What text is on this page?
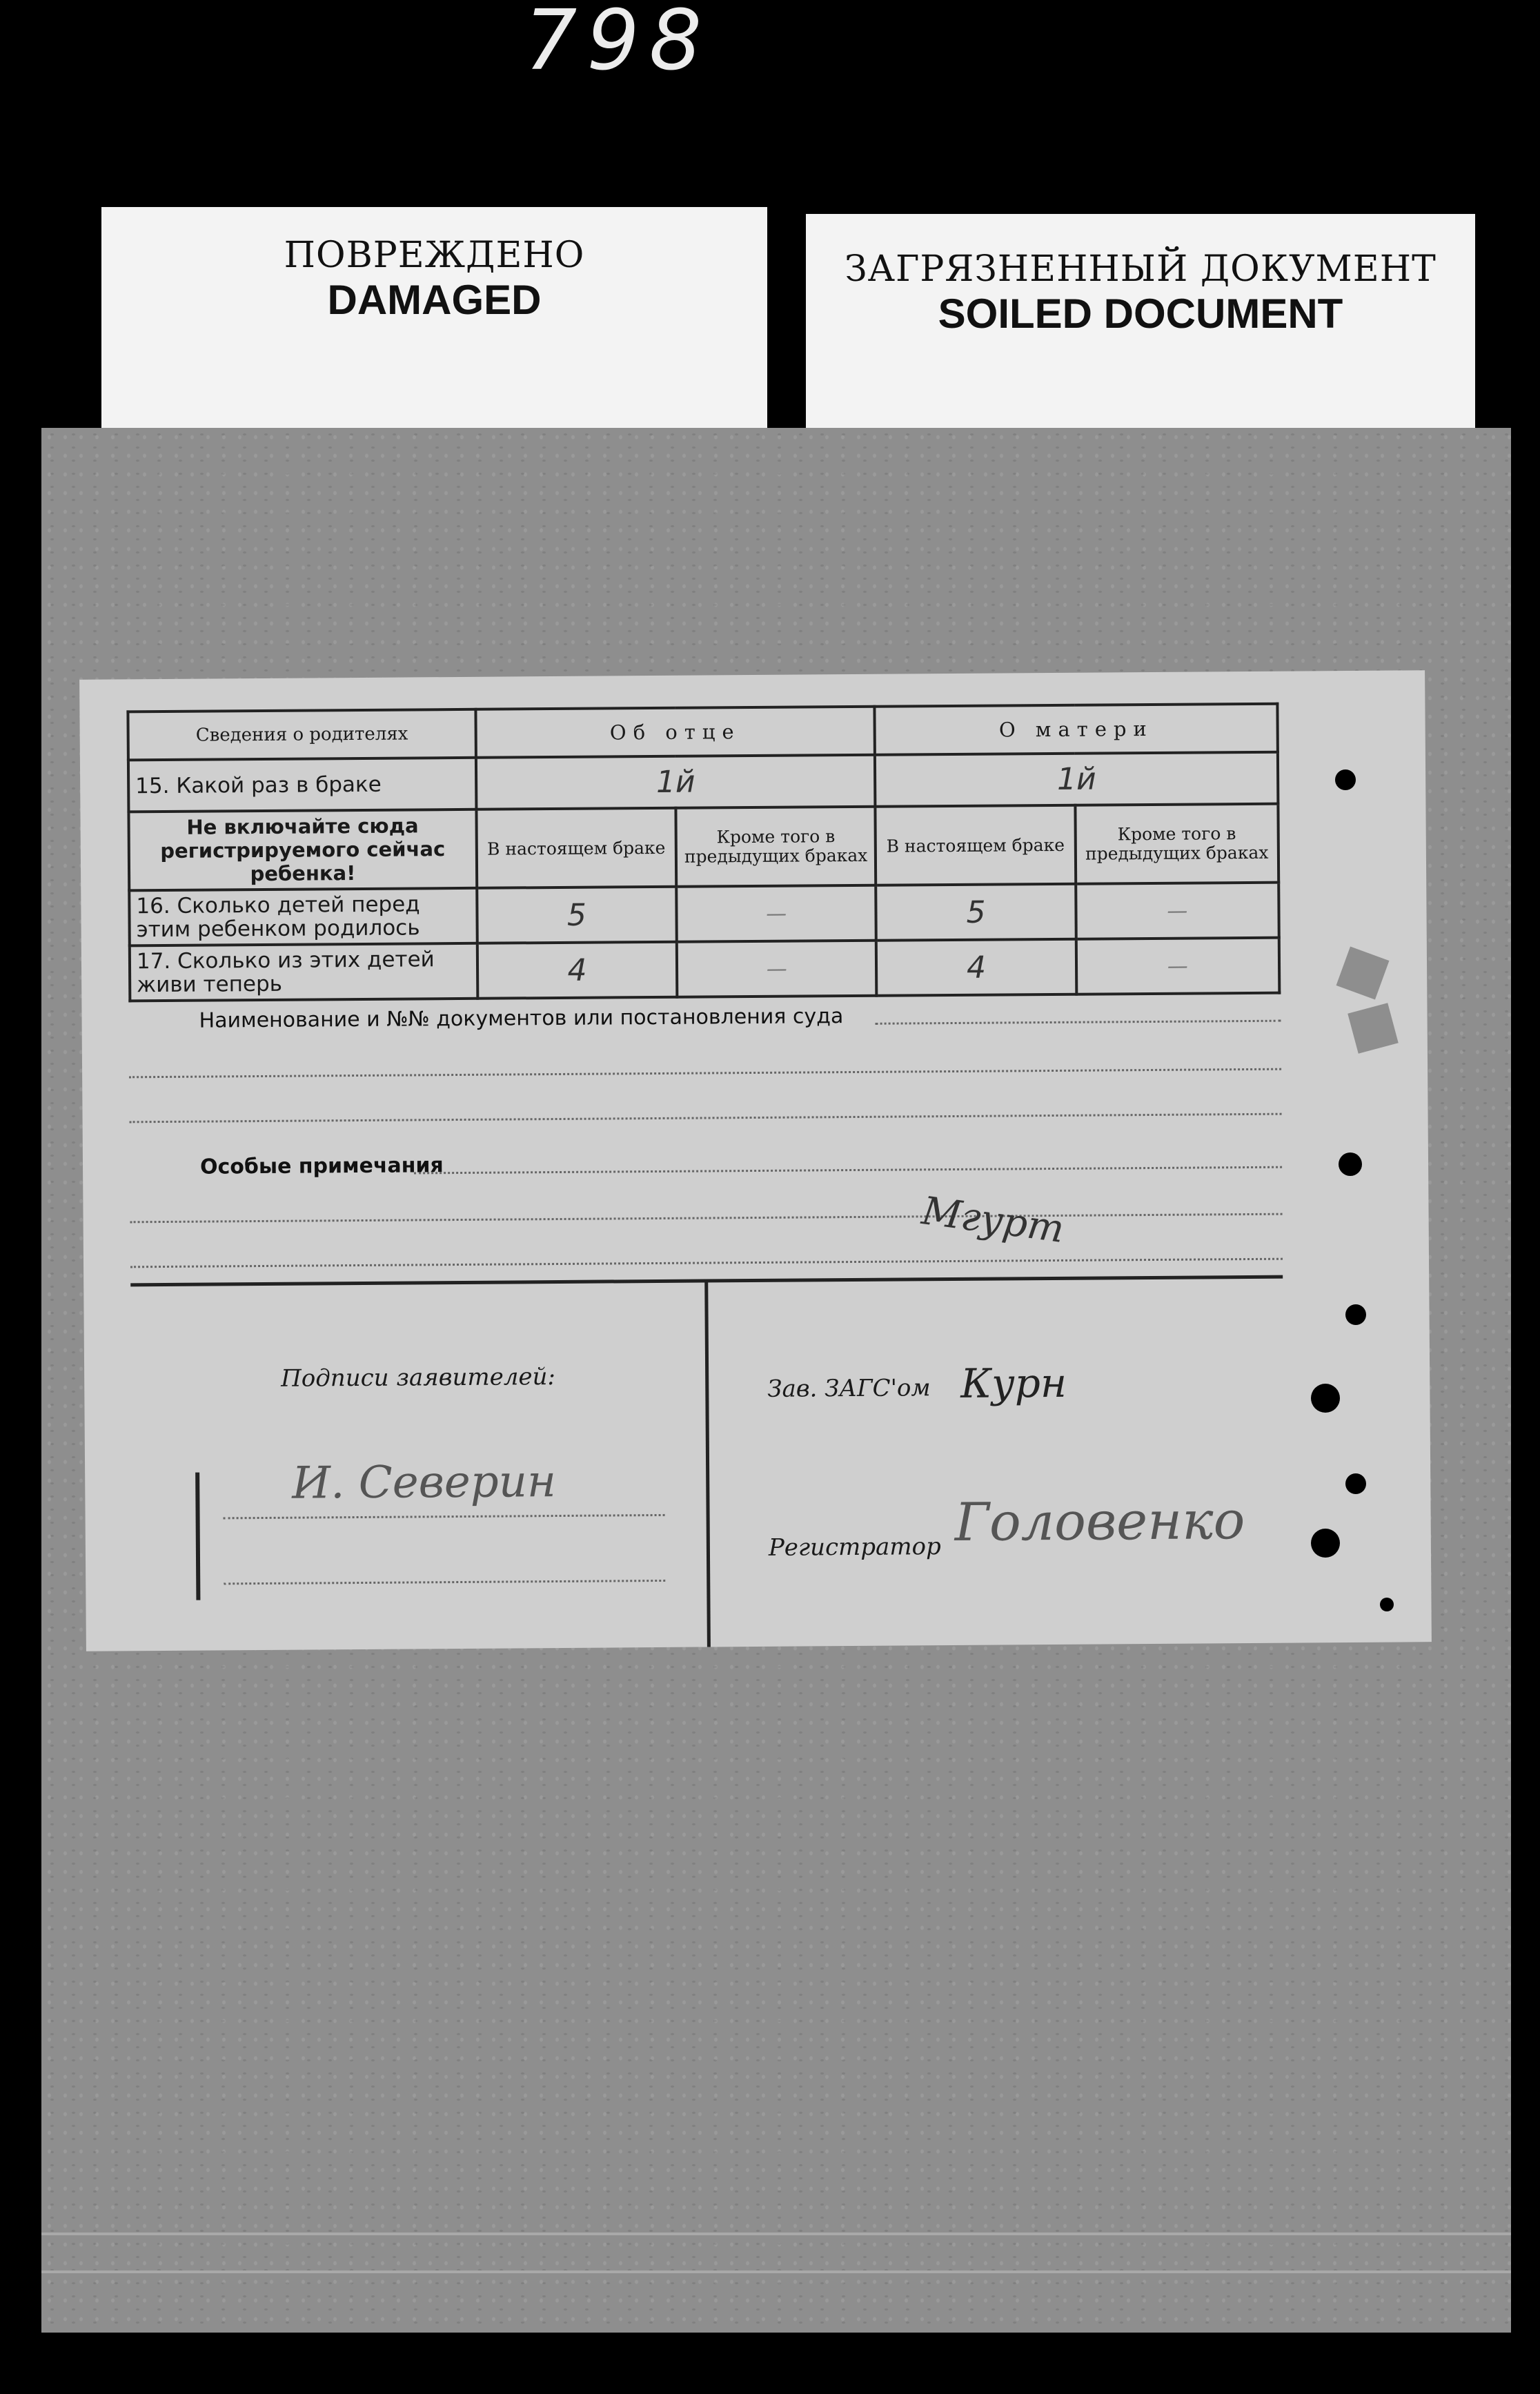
798
ПОВРЕЖДЕНО
DAMAGED
ЗАГРЯЗНЕННЫЙ ДОКУМЕНТ
SOILED DOCUMENT
Сведения о родителях	Об отце		О матери	
15. Какой раз в браке	1й		1й	
Не включайте сюда регистрируемого сейчас ребенка!	В настоящем браке	Кроме того в предыдущих браках	В настоящем браке	Кроме того в предыдущих браках
16. Сколько детей перед этим ребенком родилось	5	—	5	—
17. Сколько из этих детей живи теперь	4	—	4	—
Наименование и №№ документов или постановления суда
Особые примечания
Мгурт
Подписи заявителей:
И. Северин
Зав. ЗАГС'ом Курн
Регистратор Головенко
